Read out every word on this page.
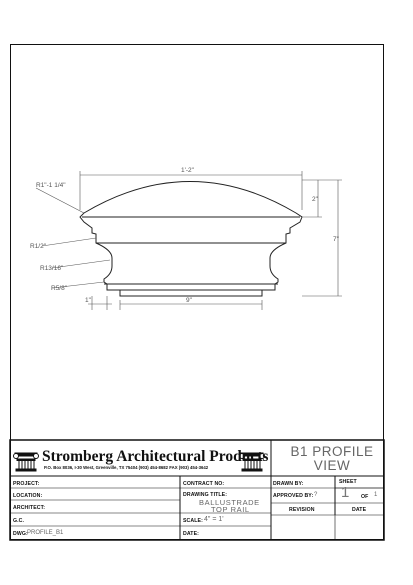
1'-2"
2"
7"
R1"-1 1/4"
R1/2"
R13/16"
R5/8"
1"	9"
Stromberg Architectural Products
P.O. Box 8036, I-30 West, Greenville, TX 75404 (903) 454-8682 FAX (903) 454-3642
B1 PROFILE VIEW
PROJECT:
LOCATION:
ARCHITECT:
G.C.
DWG: PROFILE_B1
CONTRACT NO:
DRAWING TITLE:
BALLUSTRADE
TOP RAIL
SCALE: 4" = 1'
DATE:
DRAWN BY:
APPROVED BY: ?
REVISION	DATE
SHEET
1 OF 1
